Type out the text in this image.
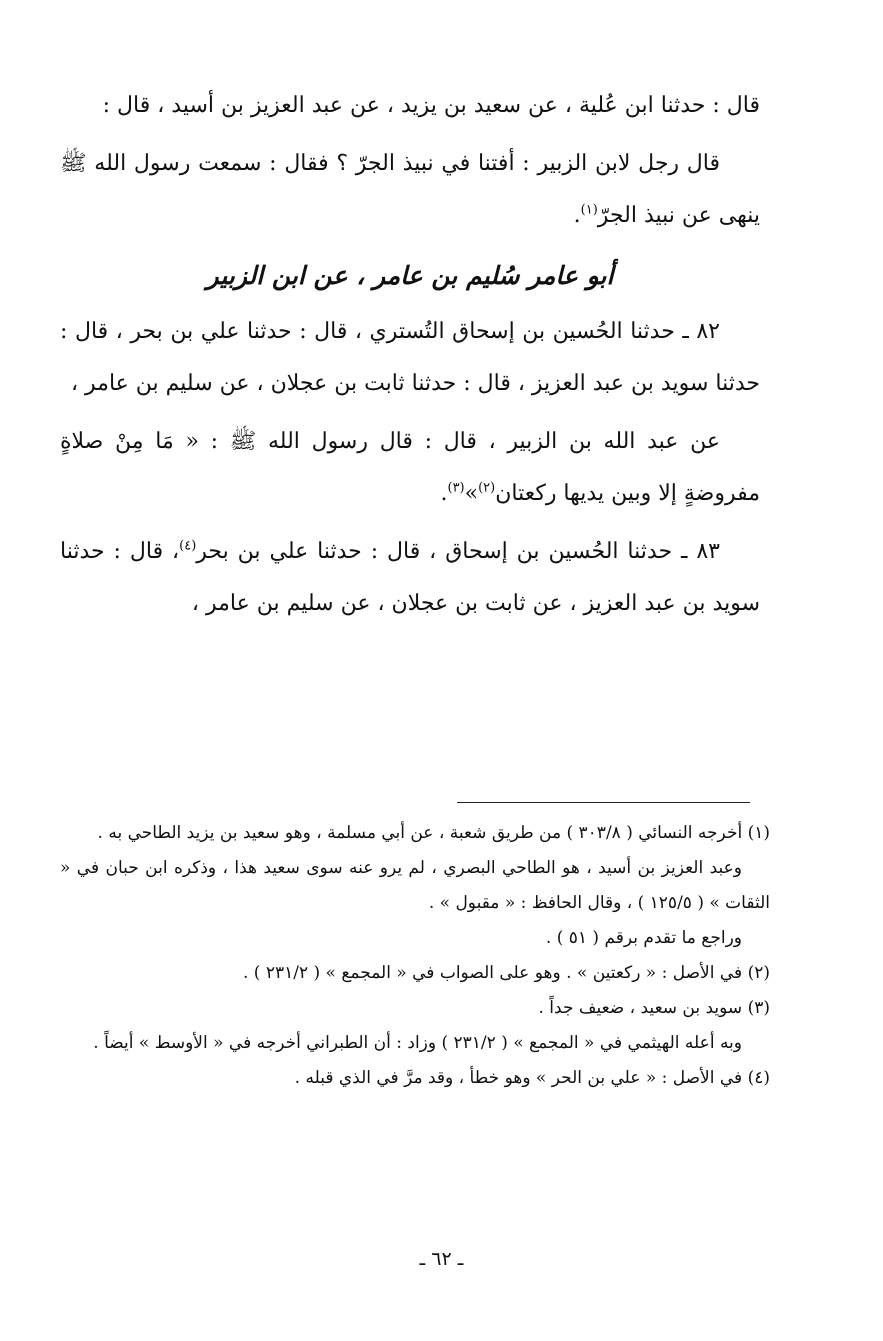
قال : حدثنا ابن عُلية ، عن سعيد بن يزيد ، عن عبد العزيز بن أسيد ، قال :

قال رجل لابن الزبير : أفتنا في نبيذ الجرّ ؟ فقال : سمعت رسول الله ﷺ ينهى عن نبيذ الجرّ$^{(١)}$.

أبو عامر سُليم بن عامر ، عن ابن الزبير

٨٢ ـ حدثنا الحُسين بن إسحاق التُستري ، قال : حدثنا علي بن بحر ، قال : حدثنا سويد بن عبد العزيز ، قال : حدثنا ثابت بن عجلان ، عن سليم بن عامر ،

عن عبد الله بن الزبير ، قال : قال رسول الله ﷺ : « مَا مِنْ صلاةٍ مفروضةٍ إلا وبين يديها ركعتان$^{(٢)}$»$^{(٣)}$.

٨٣ ـ حدثنا الحُسين بن إسحاق ، قال : حدثنا علي بن بحر$^{(٤)}$، قال : حدثنا سويد بن عبد العزيز ، عن ثابت بن عجلان ، عن سليم بن عامر ،

(١) أخرجه النسائي ( ٣٠٣/٨ ) من طريق شعبة ، عن أبي مسلمة ، وهو سعيد بن يزيد الطاحي به .

وعبد العزيز بن أسيد ، هو الطاحي البصري ، لم يرو عنه سوى سعيد هذا ، وذكره ابن حبان في « الثقات » ( ١٢٥/٥ ) ، وقال الحافظ : « مقبول » .

وراجع ما تقدم برقم ( ٥١ ) .

(٢) في الأصل : « ركعتين » . وهو على الصواب في « المجمع » ( ٢٣١/٢ ) .

(٣) سويد بن سعيد ، ضعيف جداً .

وبه أعله الهيثمي في « المجمع » ( ٢٣١/٢ ) وزاد : أن الطبراني أخرجه في « الأوسط » أيضاً .

(٤) في الأصل : « علي بن الحر » وهو خطأ ، وقد مرَّ في الذي قبله .

ـ ٦٢ ـ
